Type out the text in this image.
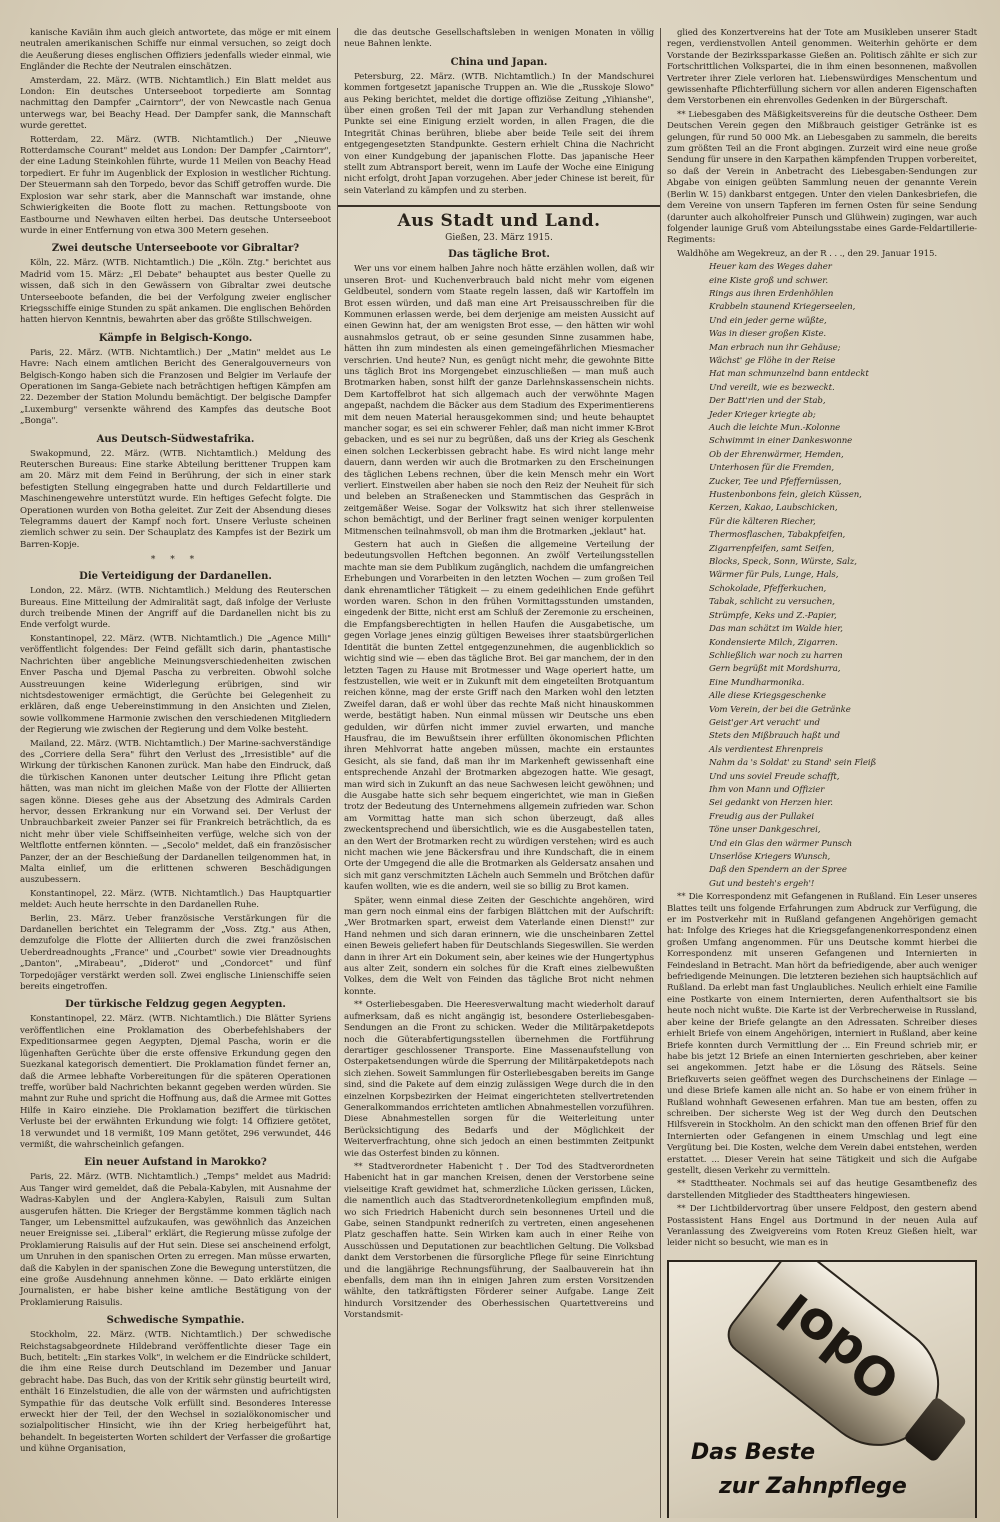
kanische Kaviäin ihm auch gleich antwortete, das möge er mit einem neutralen amerikanischen Schiffe nur einmal versuchen, so zeigt doch die Aeußerung dieses englischen Offiziers jedenfalls wieder einmal, wie Engländer die Rechte der Neutralen einschätzen.

Amsterdam, 22. März. (WTB. Nichtamtlich.) Ein Blatt meldet aus London: Ein deutsches Unterseeboot torpedierte am Sonntag nachmittag den Dampfer „Cairntorr", der von Newcastle nach Genua unterwegs war, bei Beachy Head. Der Dampfer sank, die Mannschaft wurde gerettet.

Rotterdam, 22. März. (WTB. Nichtamtlich.) Der „Nieuwe Rotterdamsche Courant" meldet aus London: Der Dampfer „Cairntorr", der eine Ladung Steinkohlen führte, wurde 11 Meilen von Beachy Head torpediert. Er fuhr im Augenblick der Explosion in westlicher Richtung. Der Steuermann sah den Torpedo, bevor das Schiff getroffen wurde. Die Explosion war sehr stark, aber die Mannschaft war imstande, ohne Schwierigkeiten die Boote flott zu machen. Rettungsboote von Eastbourne und Newhaven eilten herbei. Das deutsche Unterseeboot wurde in einer Entfernung von etwa 300 Metern gesehen.

Zwei deutsche Unterseeboote vor Gibraltar?

Köln, 22. März. (WTB. Nichtamtlich.) Die „Köln. Ztg." berichtet aus Madrid vom 15. März: „El Debate" behauptet aus bester Quelle zu wissen, daß sich in den Gewässern von Gibraltar zwei deutsche Unterseeboote befanden, die bei der Verfolgung zweier englischer Kriegsschiffe einige Stunden zu spät ankamen. Die englischen Behörden hatten hiervon Kenntnis, bewahrten aber das größte Stillschweigen.

Kämpfe in Belgisch-Kongo.

Paris, 22. März. (WTB. Nichtamtlich.) Der „Matin" meldet aus Le Havre: Nach einem amtlichen Bericht des Generalgouverneurs von Belgisch-Kongo haben sich die Franzosen und Belgier im Verlaufe der Operationen im Sanga-Gebiete nach beträchtigen heftigen Kämpfen am 22. Dezember der Station Molundu bemächtigt. Der belgische Dampfer „Luxemburg" versenkte während des Kampfes das deutsche Boot „Bonga".

Aus Deutsch-Südwestafrika.

Swakopmund, 22. März. (WTB. Nichtamtlich.) Meldung des Reuterschen Bureaus: Eine starke Abteilung berittener Truppen kam am 20. März mit dem Feind in Berührung, der sich in einer stark befestigten Stellung eingegraben hatte und durch Feldartillerie und Maschinengewehre unterstützt wurde. Ein heftiges Gefecht folgte. Die Operationen wurden von Botha geleitet. Zur Zeit der Absendung dieses Telegramms dauert der Kampf noch fort. Unsere Verluste scheinen ziemlich schwer zu sein. Der Schauplatz des Kampfes ist der Bezirk um Barren-Kopje.

* * *
Die Verteidigung der Dardanellen.

London, 22. März. (WTB. Nichtamtlich.) Meldung des Reuterschen Bureaus. Eine Mitteilung der Admiralität sagt, daß infolge der Verluste durch treibende Minen der Angriff auf die Dardanellen nicht bis zu Ende verfolgt wurde.

Konstantinopel, 22. März. (WTB. Nichtamtlich.) Die „Agence Milli" veröffentlicht folgendes: Der Feind gefällt sich darin, phantastische Nachrichten über angebliche Meinungsverschiedenheiten zwischen Enver Pascha und Djemal Pascha zu verbreiten. Obwohl solche Ausstreuungen keine Widerlegung erübrigen, sind wir nichtsdestoweniger ermächtigt, die Gerüchte bei Gelegenheit zu erklären, daß enge Uebereinstimmung in den Ansichten und Zielen, sowie vollkommene Harmonie zwischen den verschiedenen Mitgliedern der Regierung wie zwischen der Regierung und dem Volke besteht.

Mailand, 22. März. (WTB. Nichtamtlich.) Der Marine-sachverständige des „Corriere della Sera" führt den Verlust des „Irresistible" auf die Wirkung der türkischen Kanonen zurück. Man habe den Eindruck, daß die türkischen Kanonen unter deutscher Leitung ihre Pflicht getan hätten, was man nicht im gleichen Maße von der Flotte der Alliierten sagen könne. Dieses gehe aus der Absetzung des Admirals Carden hervor, dessen Erkrankung nur ein Vorwand sei. Der Verlust der Unbrauchbarkeit zweier Panzer sei für Frankreich beträchtlich, da es nicht mehr über viele Schiffseinheiten verfüge, welche sich von der Weltflotte entfernen könnten. — „Secolo" meldet, daß ein französischer Panzer, der an der Beschießung der Dardanellen teilgenommen hat, in Malta einlief, um die erlittenen schweren Beschädigungen auszubessern.

Konstantinopel, 22. März. (WTB. Nichtamtlich.) Das Hauptquartier meldet: Auch heute herrschte in den Dardanellen Ruhe.

Berlin, 23. März. Ueber französische Verstärkungen für die Dardanellen berichtet ein Telegramm der „Voss. Ztg." aus Athen, demzufolge die Flotte der Alliierten durch die zwei französischen Ueberdreadnoughts „France" und „Courbet" sowie vier Dreadnoughts „Danton", „Mirabeau", „Diderot" und „Condorcet" und fünf Torpedojäger verstärkt werden soll. Zwei englische Linienschiffe seien bereits eingetroffen.

Der türkische Feldzug gegen Aegypten.

Konstantinopel, 22. März. (WTB. Nichtamtlich.) Die Blätter Syriens veröffentlichen eine Proklamation des Oberbefehlshabers der Expeditionsarmee gegen Aegypten, Djemal Pascha, worin er die lügenhaften Gerüchte über die erste offensive Erkundung gegen den Suezkanal kategorisch dementiert. Die Proklamation fündet ferner an, daß die Armee lebhafte Vorbereitungen für die späteren Operationen treffe, worüber bald Nachrichten bekannt gegeben werden würden. Sie mahnt zur Ruhe und spricht die Hoffnung aus, daß die Armee mit Gottes Hilfe in Kairo einziehe. Die Proklamation beziffert die türkischen Verluste bei der erwähnten Erkundung wie folgt: 14 Offiziere getötet, 18 verwundet und 18 vermißt, 109 Mann getötet, 296 verwundet, 446 vermißt, die wahrscheinlich gefangen.

Ein neuer Aufstand in Marokko?

Paris, 22. März. (WTB. Nichtamtlich.) „Temps" meldet aus Madrid: Aus Tanger wird gemeldet, daß die Pebala-Kabylen, mit Ausnahme der Wadras-Kabylen und der Anglera-Kabylen, Raisuli zum Sultan ausgerufen hätten. Die Krieger der Bergstämme kommen täglich nach Tanger, um Lebensmittel aufzukaufen, was gewöhnlich das Anzeichen neuer Ereignisse sei. „Liberal" erklärt, die Regierung müsse zufolge der Proklamierung Raisulis auf der Hut sein. Diese sei anscheinend erfolgt, um Unruhen in den spanischen Orten zu erregen. Man müsse erwarten, daß die Kabylen in der spanischen Zone die Bewegung unterstützen, die eine große Ausdehnung annehmen könne. — Dato erklärte einigen Journalisten, er habe bisher keine amtliche Bestätigung von der Proklamierung Raisulis.

Schwedische Sympathie.

Stockholm, 22. März. (WTB. Nichtamtlich.) Der schwedische Reichstagsabgeordnete Hildebrand veröffentlichte dieser Tage ein Buch, betitelt: „Ein starkes Volk", in welchem er die Eindrücke schildert, die ihm eine Reise durch Deutschland im Dezember und Januar gebracht habe. Das Buch, das von der Kritik sehr günstig beurteilt wird, enthält 16 Einzelstudien, die alle von der wärmsten und aufrichtigsten Sympathie für das deutsche Volk erfüllt sind. Besonderes Interesse erweckt hier der Teil, der den Wechsel in sozialökonomischer und sozialpolitischer Hinsicht, wie ihn der Krieg herbeigeführt hat, behandelt. In begeisterten Worten schildert der Verfasser die großartige und kühne Organisation,

die das deutsche Gesellschaftsleben in wenigen Monaten in völlig neue Bahnen lenkte.

China und Japan.

Petersburg, 22. März. (WTB. Nichtamtlich.) In der Mandschurei kommen fortgesetzt japanische Truppen an. Wie die „Russkoje Slowo" aus Peking berichtet, meldet die dortige offiziöse Zeitung „Yihianshe", über einen großen Teil der mit Japan zur Verhandlung stehenden Punkte sei eine Einigung erzielt worden, in allen Fragen, die die Integrität Chinas berühren, bliebe aber beide Teile seit dei ihrem entgegengesetzten Standpunkte. Gestern erhielt China die Nachricht von einer Kundgebung der japanischen Flotte. Das japanische Heer stellt zum Abtransport bereit, wenn im Laufe der Woche eine Einigung nicht erfolgt, droht Japan vorzugehen. Aber jeder Chinese ist bereit, für sein Vaterland zu kämpfen und zu sterben.

Aus Stadt und Land.
Gießen, 23. März 1915.
Das tägliche Brot.

Wer uns vor einem halben Jahre noch hätte erzählen wollen, daß wir unseren Brot- und Kuchenverbrauch bald nicht mehr vom eigenen Geldbeutel, sondern vom Staate regeln lassen, daß wir Kartoffeln im Brot essen würden, und daß man eine Art Preisausschreiben für die Kommunen erlassen werde, bei dem derjenige am meisten Aussicht auf einen Gewinn hat, der am wenigsten Brot esse, — den hätten wir wohl ausnahmslos getraut, ob er seine gesunden Sinne zusammen habe, hätten ihn zum mindesten als einen gemeingefährlichen Miesmacher verschrien. Und heute? Nun, es genügt nicht mehr, die gewohnte Bitte uns täglich Brot ins Morgengebet einzuschließen — man muß auch Brotmarken haben, sonst hilft der ganze Darlehnskassenschein nichts. Dem Kartoffelbrot hat sich allgemach auch der verwöhnte Magen angepaßt, nachdem die Bäcker aus dem Stadium des Experimentierens mit dem neuen Material herausgekommen sind; und heute behauptet mancher sogar, es sei ein schwerer Fehler, daß man nicht immer K-Brot gebacken, und es sei nur zu begrüßen, daß uns der Krieg als Geschenk einen solchen Leckerbissen gebracht habe. Es wird nicht lange mehr dauern, dann werden wir auch die Brotmarken zu den Erscheinungen des täglichen Lebens rechnen, über die kein Mensch mehr ein Wort verliert. Einstweilen aber haben sie noch den Reiz der Neuheit für sich und beleben an Straßenecken und Stammtischen das Gespräch in zeitgemäßer Weise. Sogar der Volkswitz hat sich ihrer stellenweise schon bemächtigt, und der Berliner fragt seinen weniger korpulenten Mitmenschen teilnahmsvoll, ob man ihm die Brotmarken „jeklaut" hat.

Gestern hat auch in Gießen die allgemeine Verteilung der bedeutungsvollen Heftchen begonnen. An zwölf Verteilungsstellen machte man sie dem Publikum zugänglich, nachdem die umfangreichen Erhebungen und Vorarbeiten in den letzten Wochen — zum großen Teil dank ehrenamtlicher Tätigkeit — zu einem gedeihlichen Ende geführt worden waren. Schon in den frühen Vormittagsstunden umstanden, eingedenk der Bitte, nicht erst am Schluß der Zeremonie zu erscheinen, die Empfangsberechtigten in hellen Haufen die Ausgabetische, um gegen Vorlage jenes einzig gültigen Beweises ihrer staatsbürgerlichen Identität die bunten Zettel entgegenzunehmen, die augenblicklich so wichtig sind wie — eben das tägliche Brot. Bei gar manchem, der in den letzten Tagen zu Hause mit Brotmesser und Wage operiert hatte, um festzustellen, wie weit er in Zukunft mit dem eingeteilten Brotquantum reichen könne, mag der erste Griff nach den Marken wohl den letzten Zweifel daran, daß er wohl über das rechte Maß nicht hinauskommen werde, bestätigt haben. Nun einmal müssen wir Deutsche uns eben gedulden, wir dürfen nicht immer zuviel erwarten, und manche Hausfrau, die im Bewußtsein ihrer erfüllten ökonomischen Pflichten ihren Mehlvorrat hatte angeben müssen, machte ein erstauntes Gesicht, als sie fand, daß man ihr im Markenheft gewissenhaft eine entsprechende Anzahl der Brotmarken abgezogen hatte. Wie gesagt, man wird sich in Zukunft an das neue Sachwesen leicht gewöhnen; und die Ausgabe hatte sich sehr bequem eingerichtet, wie man in Gießen trotz der Bedeutung des Unternehmens allgemein zufrieden war. Schon am Vormittag hatte man sich schon überzeugt, daß alles zweckentsprechend und übersichtlich, wie es die Ausgabestellen taten, an den Wert der Brotmarken recht zu würdigen verstehen; wird es auch nicht machen wie jene Bäckersfrau und ihre Kundschaft, die in einem Orte der Umgegend die alle die Brotmarken als Geldersatz ansahen und sich mit ganz verschmitzten Lächeln auch Semmeln und Brötchen dafür kaufen wollten, wie es die andern, weil sie so billig zu Brot kamen.

Später, wenn einmal diese Zeiten der Geschichte angehören, wird man gern noch einmal eins der farbigen Blättchen mit der Aufschrift: „Wer Brotmarken spart, erweist dem Vaterlande einen Dienst!" zur Hand nehmen und sich daran erinnern, wie die unscheinbaren Zettel einen Beweis geliefert haben für Deutschlands Siegeswillen. Sie werden dann in ihrer Art ein Dokument sein, aber keines wie der Hungertyphus aus alter Zeit, sondern ein solches für die Kraft eines zielbewußten Volkes, dem die Welt von Feinden das tägliche Brot nicht nehmen konnte.

** Osterliebesgaben. Die Heeresverwaltung macht wiederholt darauf aufmerksam, daß es nicht angängig ist, besondere Osterliebesgaben-Sendungen an die Front zu schicken. Weder die Militärpaketdepots noch die Güterabfertigungsstellen übernehmen die Fortführung derartiger geschlossener Transporte. Eine Massenaufstellung von Osterpaketsendungen würde die Sperrung der Militärpaketdepots nach sich ziehen. Soweit Sammlungen für Osterliebesgaben bereits im Gange sind, sind die Pakete auf dem einzig zulässigen Wege durch die in den einzelnen Korpsbezirken der Heimat eingerichteten stellvertretenden Generalkommandos errichteten amtlichen Abnahmestellen vorzuführen. Diese Abnahmestellen sorgen für die Weiterleitung unter Berücksichtigung des Bedarfs und der Möglichkeit der Weiterverfrachtung, ohne sich jedoch an einen bestimmten Zeitpunkt wie das Osterfest binden zu können.

** Stadtverordneter Habenicht †. Der Tod des Stadtverordneten Habenicht hat in gar manchen Kreisen, denen der Verstorbene seine vielseitige Kraft gewidmet hat, schmerzliche Lücken gerissen, Lücken, die namentlich auch das Stadtverordnetenkollegium empfinden muß, wo sich Friedrich Habenicht durch sein besonnenes Urteil und die Gabe, seinen Standpunkt redneriſch zu vertreten, einen angesehenen Platz geschaffen hatte. Sein Wirken kam auch in einer Reihe von Ausschüssen und Deputationen zur beachtlichen Geltung. Die Volksbad dankt dem Verstorbenen die fürsorgliche Pflege für seine Einrichtung und die langjährige Rechnungsführung, der Saalbauverein hat ihn ebenfalls, dem man ihn in einigen Jahren zum ersten Vorsitzenden wählte, den tatkräftigsten Förderer seiner Aufgabe. Lange Zeit hindurch Vorsitzender des Oberhessischen Quartettvereins und Vorstandsmit-

glied des Konzertvereins hat der Tote am Musikleben unserer Stadt regen, verdienstvollen Anteil genommen. Weiterhin gehörte er dem Vorstande der Bezirkssparkasse Gießen an. Politisch zählte er sich zur Fortschrittlichen Volkspartei, die in ihm einen besonnenen, maßvollen Vertreter ihrer Ziele verloren hat. Liebenswürdiges Menschentum und gewissenhafte Pflichterfüllung sichern vor allen anderen Eigenschaften dem Verstorbenen ein ehrenvolles Gedenken in der Bürgerschaft.

** Liebesgaben des Mäßigkeitsvereins für die deutsche Ostheer. Dem Deutschen Verein gegen den Mißbrauch geistiger Getränke ist es gelungen, für rund 50 000 Mk. an Liebesgaben zu sammeln, die bereits zum größten Teil an die Front abgingen. Zurzeit wird eine neue große Sendung für unsere in den Karpathen kämpfenden Truppen vorbereitet, so daß der Verein in Anbetracht des Liebesgaben-Sendungen zur Abgabe von einigen geübten Sammlung neuen der genannte Verein (Berlin W. 15) dankbarst entgegen. Unter den vielen Dankesbriefen, die dem Vereine von unsern Tapferen im fernen Osten für seine Sendung (darunter auch alkoholfreier Punsch und Glühwein) zugingen, war auch folgender launige Gruß vom Abteilungsstabe eines Garde-Feldartillerie-Regiments:

Waldhöhe am Wegekreuz, an der R . . ., den 29. Januar 1915.

Heuer kam des Weges daher

eine Kiste groß und schwer.

Rings aus ihren Erdenhöhlen

Krabbeln staunend Kriegerseelen,

Und ein jeder gerne wüßte,

Was in dieser großen Kiste.

Man erbrach nun ihr Gehäuse;

Wächst' ge Flöhe in der Reise

Hat man schmunzelnd bann entdeckt

Und vereilt, wie es bezweckt.

Der Batt'rien und der Stab,

Jeder Krieger kriegte ab;

Auch die leichte Mun.-Kolonne

Schwimmt in einer Dankeswonne

Ob der Ehrenwärmer, Hemden,

Unterhosen für die Fremden,

Zucker, Tee und Pfeffernüssen,

Hustenbonbons fein, gleich Küssen,

Kerzen, Kakao, Laubschicken,

Für die kälteren Riecher,

Thermosflaschen, Tabakpfeifen,

Zigarrenpfeifen, samt Seifen,

Blocks, Speck, Sonn, Würste, Salz,

Wärmer für Puls, Lunge, Hals,

Schokolade, Pfefferkuchen,

Tabak, schlicht zu versuchen,

Strümpfe, Keks und Z.-Papier,

Das man schätzt im Walde hier,

Kondensierte Milch, Zigarren.

Schließlich war noch zu harren

Gern begrüßt mit Mordshurra,

Eine Mundharmonika.

Alle diese Kriegsgeschenke

Vom Verein, der bei die Getränke

Geist'ger Art veracht' und

Stets den Mißbrauch haßt und

Als verdientest Ehrenpreis

Nahm da 's Soldat' zu Stand' sein Fleiß

Und uns soviel Freude schafft,

Ihm von Mann und Offizier

Sei gedankt von Herzen hier.

Freudig aus der Pullakei

Töne unser Dankgeschrei,

Und ein Glas den wärmer Punsch

Unserlöse Kriegers Wunsch,

Daß den Spendern an der Spree

Gut und besteh's ergeh'!

** Die Korrespondenz mit Gefangenen in Rußland. Ein Leser unseres Blattes teilt uns folgende Erfahrungen zum Abdruck zur Verfügung, die er im Postverkehr mit in Rußland gefangenen Angehörigen gemacht hat: Infolge des Krieges hat die Kriegsgefangenenkorrespondenz einen großen Umfang angenommen. Für uns Deutsche kommt hierbei die Korrespondenz mit unseren Gefangenen und Internierten in Feindesland in Betracht. Man hört da befriedigende, aber auch weniger befriedigende Meinungen. Die letzteren beziehen sich hauptsächlich auf Rußland. Da erlebt man fast Unglaubliches. Neulich erhielt eine Familie eine Postkarte von einem Internierten, deren Aufenthaltsort sie bis heute noch nicht wußte. Die Karte ist der Verbrecherweise in Russland, aber keine der Briefe gelangte an den Adressaten. Schreiber dieses erhielt Briefe von einem Angehörigen, interniert in Rußland, aber keine Briefe konnten durch Vermittlung der ... Ein Freund schrieb mir, er habe bis jetzt 12 Briefe an einen Internierten geschrieben, aber keiner sei angekommen. Jetzt habe er die Lösung des Rätsels. Seine Briefkuverts seien geöffnet wegen des Durchscheinens der Einlage — und diese Briefe kamen alle nicht an. So habe er von einem früher in Rußland wohnhaft Gewesenen erfahren. Man tue am besten, offen zu schreiben. Der sicherste Weg ist der Weg durch den Deutschen Hilfsverein in Stockholm. An den schickt man den offenen Brief für den Internierten oder Gefangenen in einem Umschlag und legt eine Vergütung bei. Die Kosten, welche dem Verein dabei entstehen, werden erstattet. ... Dieser Verein hat seine Tätigkeit und sich die Aufgabe gestellt, diesen Verkehr zu vermitteln.

** Stadttheater. Nochmals sei auf das heutige Gesamtbenefiz des darstellenden Mitglieder des Stadttheaters hingewiesen.

** Der Lichtbildervortrag über unsere Feldpost, den gestern abend Postassistent Hans Engel aus Dortmund in der neuen Aula auf Veranlassung des Zweigvereins vom Roten Kreuz Gießen hielt, war leider nicht so besucht, wie man es in

Odol
Das Beste
zur Zahnpflege
